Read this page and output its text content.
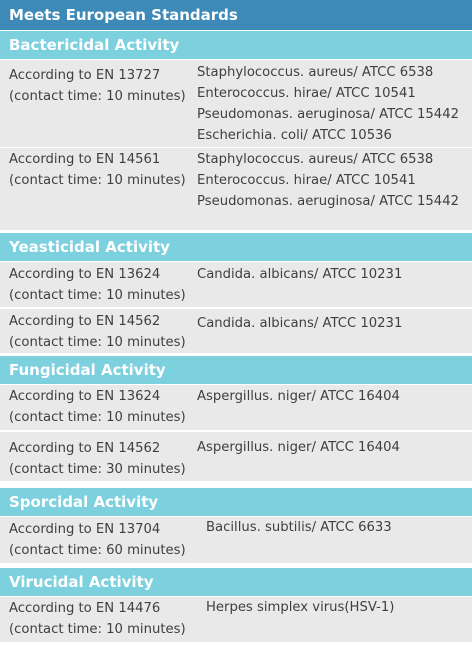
Meets European Standards
Bactericidal Activity
According to EN 13727
(contact time: 10 minutes)
Staphylococcus. aureus/ ATCC 6538
Enterococcus. hirae/ ATCC 10541
Pseudomonas. aeruginosa/ ATCC 15442
Escherichia. coli/ ATCC 10536
According to EN 14561
(contact time: 10 minutes)
Staphylococcus. aureus/ ATCC 6538
Enterococcus. hirae/ ATCC 10541
Pseudomonas. aeruginosa/ ATCC 15442
Yeasticidal Activity
According to EN 13624
(contact time: 10 minutes)
Candida. albicans/ ATCC 10231
According to EN 14562
(contact time: 10 minutes)
Candida. albicans/ ATCC 10231
Fungicidal Activity
According to EN 13624
(contact time: 10 minutes)
Aspergillus. niger/ ATCC 16404
According to EN 14562
(contact time: 30 minutes)
Aspergillus. niger/ ATCC 16404
Sporcidal Activity
According to EN 13704
(contact time: 60 minutes)
Bacillus. subtilis/ ATCC 6633
Virucidal Activity
According to EN 14476
(contact time: 10 minutes)
Herpes simplex virus(HSV-1)
